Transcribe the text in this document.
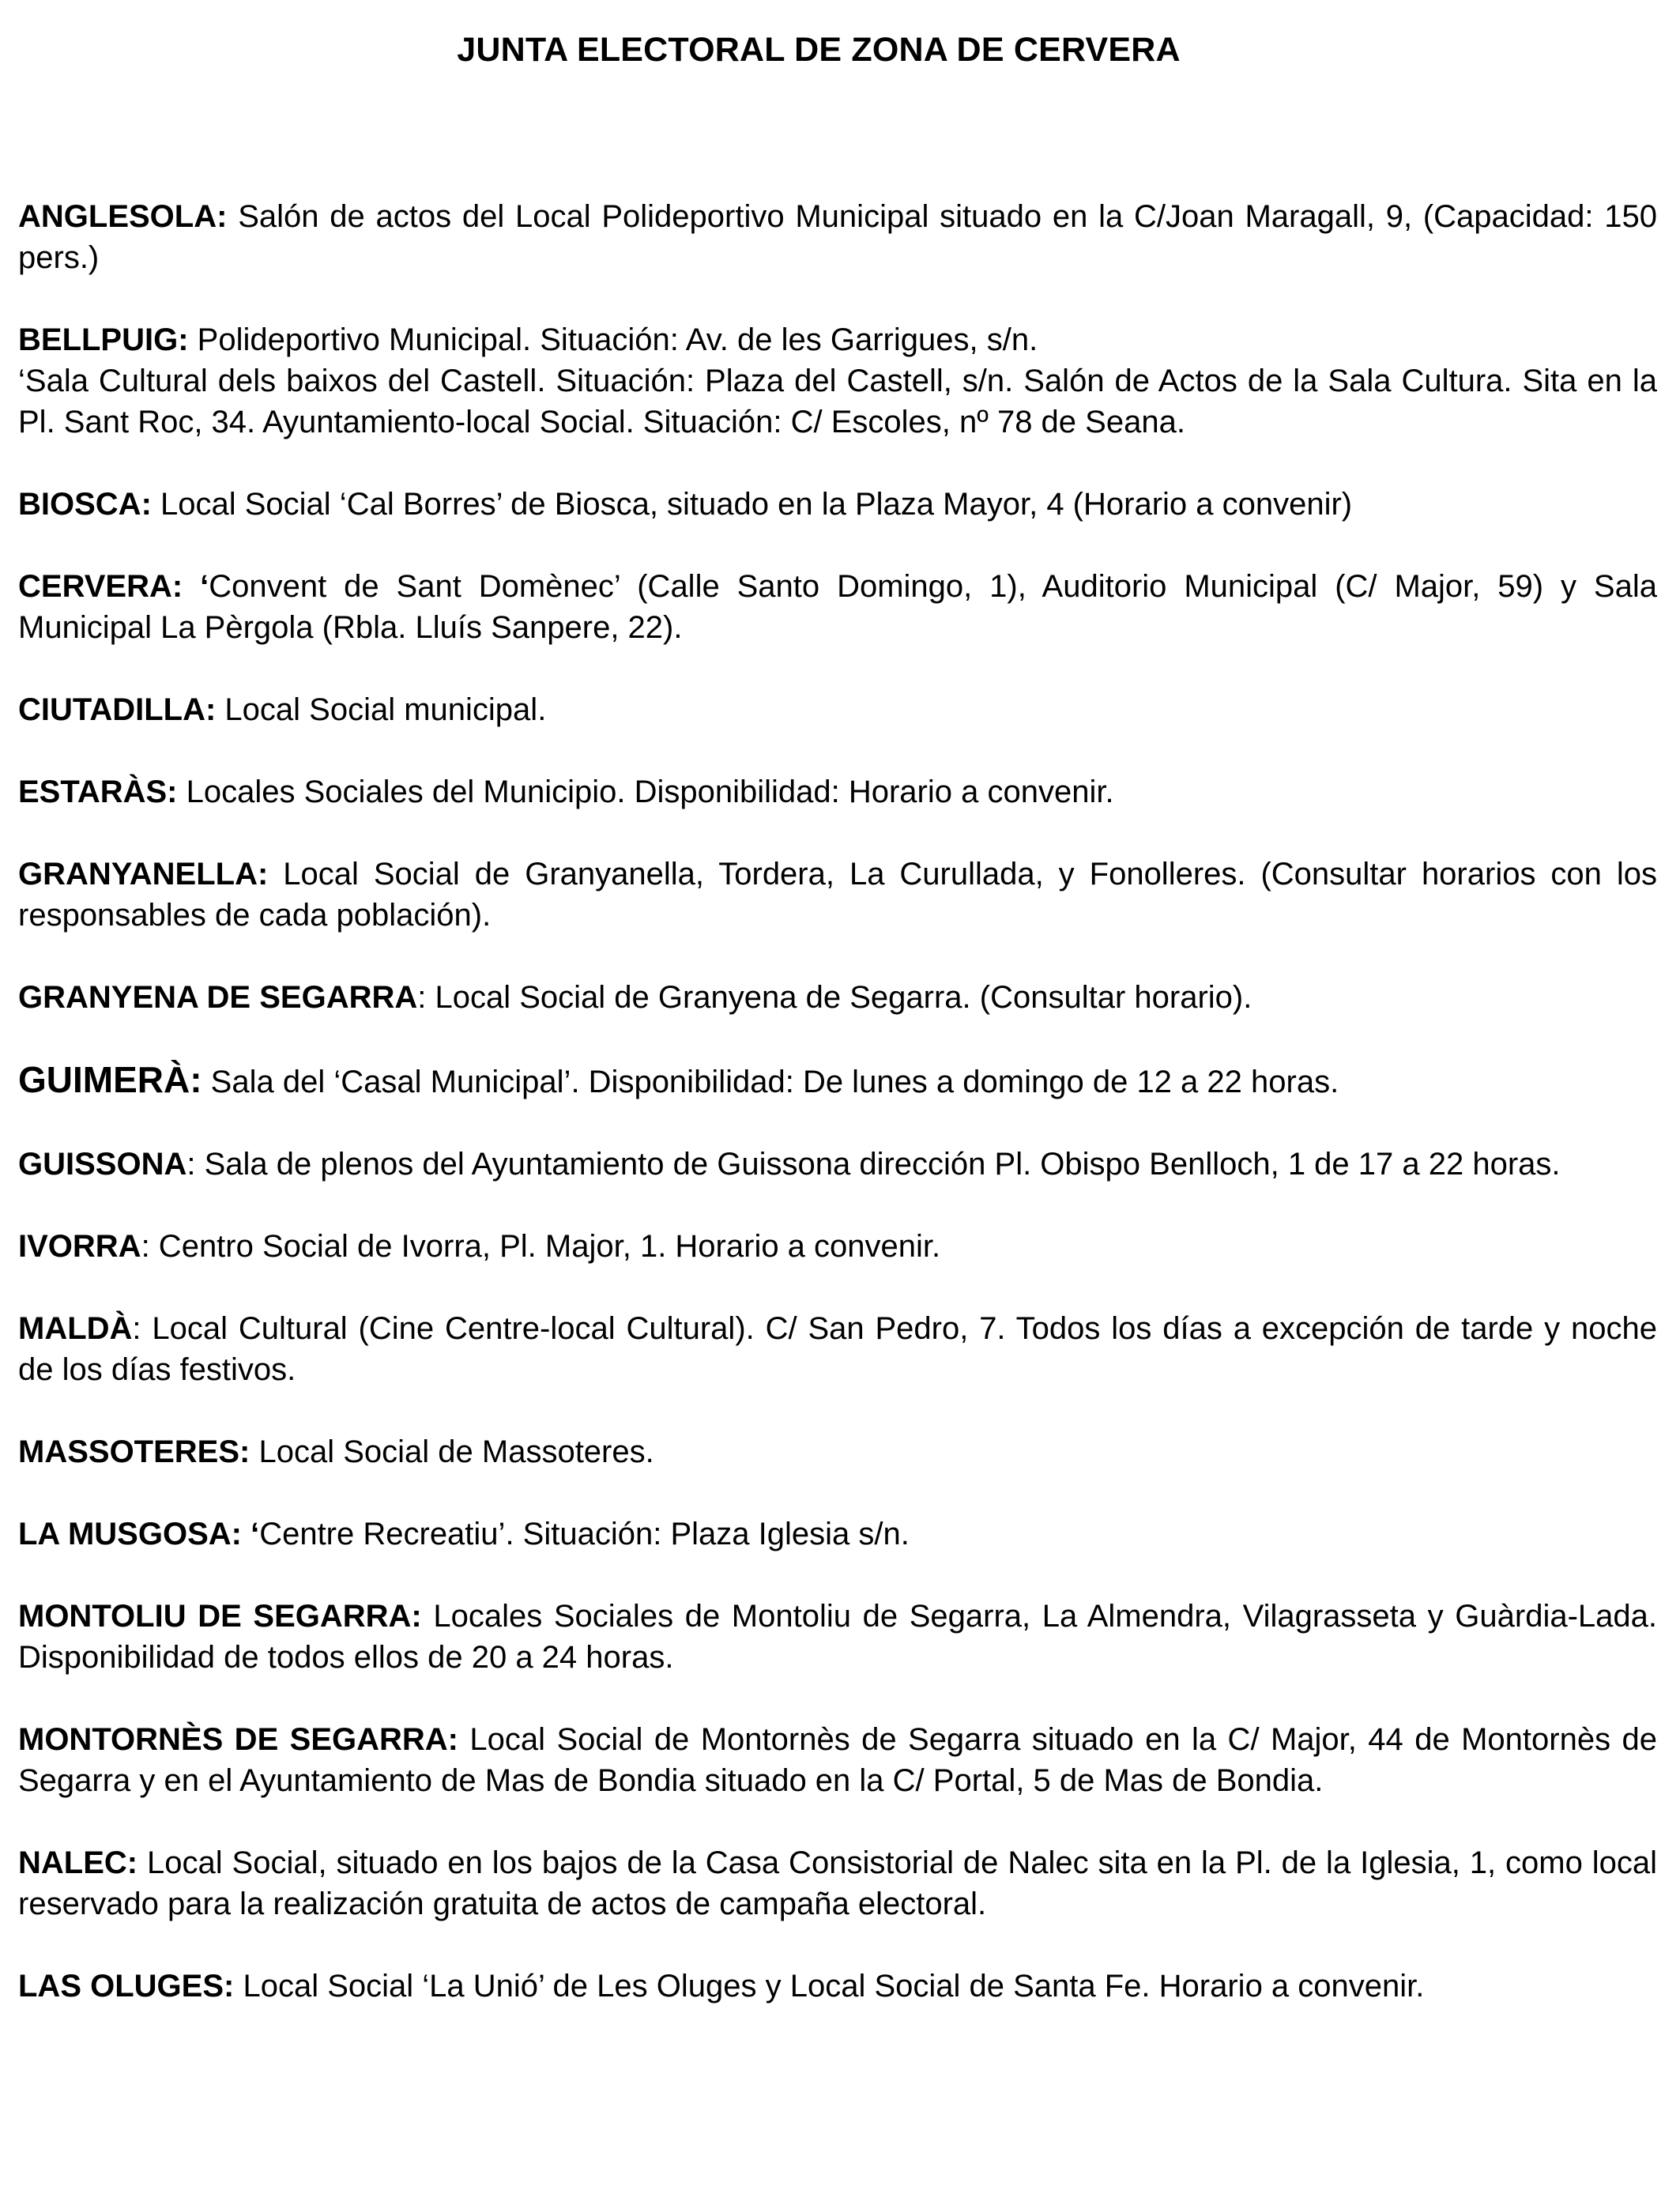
JUNTA ELECTORAL DE ZONA DE CERVERA

ANGLESOLA: Salón de actos del Local Polideportivo Municipal situado en la C/Joan Maragall, 9, (Capacidad: 150 pers.)

BELLPUIG: Polideportivo Municipal. Situación: Av. de les Garrigues, s/n.
‘Sala Cultural dels baixos del Castell. Situación: Plaza del Castell, s/n. Salón de Actos de la Sala Cultura. Sita en la Pl. Sant Roc, 34. Ayuntamiento-local Social. Situación: C/ Escoles, nº 78 de Seana.

BIOSCA: Local Social ‘Cal Borres’ de Biosca, situado en la Plaza Mayor, 4 (Horario a convenir)

CERVERA: ‘Convent de Sant Domènec’ (Calle Santo Domingo, 1), Auditorio Municipal (C/ Major, 59) y Sala Municipal La Pèrgola (Rbla. Lluís Sanpere, 22).

CIUTADILLA: Local Social municipal.

ESTARÀS: Locales Sociales del Municipio. Disponibilidad: Horario a convenir.

GRANYANELLA: Local Social de Granyanella, Tordera, La Curullada, y Fonolleres. (Consultar horarios con los responsables de cada población).

GRANYENA DE SEGARRA: Local Social de Granyena de Segarra. (Consultar horario).

GUIMERÀ: Sala del ‘Casal Municipal’. Disponibilidad: De lunes a domingo de 12 a 22 horas.

GUISSONA: Sala de plenos del Ayuntamiento de Guissona dirección Pl. Obispo Benlloch, 1 de 17 a 22 horas.

IVORRA: Centro Social de Ivorra, Pl. Major, 1. Horario a convenir.

MALDÀ: Local Cultural (Cine Centre-local Cultural). C/ San Pedro, 7. Todos los días a excepción de tarde y noche de los días festivos.

MASSOTERES: Local Social de Massoteres.

LA MUSGOSA: ‘Centre Recreatiu’. Situación: Plaza Iglesia s/n.

MONTOLIU DE SEGARRA: Locales Sociales de Montoliu de Segarra, La Almendra, Vilagrasseta y Guàrdia-Lada. Disponibilidad de todos ellos de 20 a 24 horas.

MONTORNÈS DE SEGARRA: Local Social de Montornès de Segarra situado en la C/ Major, 44 de Montornès de Segarra y en el Ayuntamiento de Mas de Bondia situado en la C/ Portal, 5 de Mas de Bondia.

NALEC: Local Social, situado en los bajos de la Casa Consistorial de Nalec sita en la Pl. de la Iglesia, 1, como local reservado para la realización gratuita de actos de campaña electoral.

LAS OLUGES: Local Social ‘La Unió’ de Les Oluges y Local Social de Santa Fe. Horario a convenir.
